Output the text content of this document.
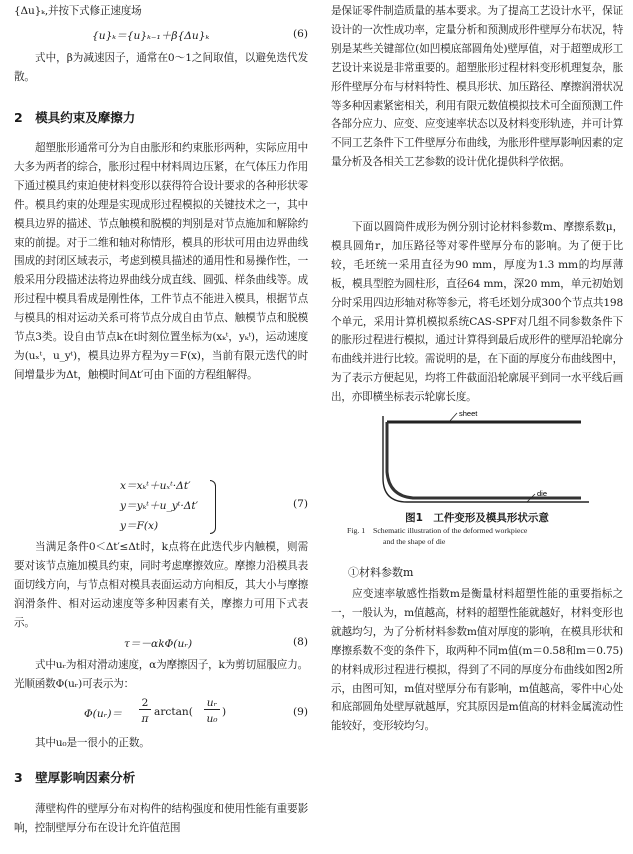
{Δu}ₖ,并按下式修正速度场
{u}ₖ＝{u}ₖ₋₁＋β{Δu}ₖ	(6)
式中，β为减速因子，通常在0～1之间取值，以避免迭代发散。
2　模具约束及摩擦力
超塑胀形通常可分为自由胀形和约束胀形两种，实际应用中大多为两者的综合，胀形过程中材料周边压紧，在气体压力作用下通过模具约束迫使材料变形以获得符合设计要求的各种形状零件。模具约束的处理是实现成形过程模拟的关键技术之一，其中模具边界的描述、节点触模和脱模的判别是对节点施加和解除约束的前提。对于二维和轴对称情形，模具的形状可用由边界曲线围成的封闭区域表示，考虑到模具描述的通用性和易操作性，一般采用分段描述法将边界曲线分成直线、圆弧、样条曲线等。成形过程中模具看成是刚性体，工件节点不能进入模具，根据节点与模具的相对运动关系可将节点分成自由节点、触模节点和脱模节点3类。设自由节点k在t时刻位置坐标为(xₖᵗ，yₖᵗ)，运动速度为(uₓᵗ，u_yᵗ)，模具边界方程为y＝F(x)，当前有限元迭代的时间增量步为Δt，触模时间Δt′可由下面的方程组解得。
x＝xₖᵗ＋uₓᵗ·Δt′
y＝yₖᵗ＋u_yᵗ·Δt′
y＝F(x)
(7)
当满足条件0＜Δt′≤Δt时，k点将在此迭代步内触模，则需要对该节点施加模具约束，同时考虑摩擦效应。摩擦力沿模具表面切线方向，与节点相对模具表面运动方向相反，其大小与摩擦润滑条件、相对运动速度等多种因素有关，摩擦力可用下式表示。
τ＝－αkΦ(uᵣ)	(8)
式中uᵣ为相对滑动速度，α为摩擦因子，k为剪切屈服应力。光顺函数Φ(uᵣ)可表示为：
Φ(uᵣ)＝
2
π
arctan(
uᵣ
u₀
)	(9)
其中u₀是一很小的正数。
3　壁厚影响因素分析
薄壁构件的壁厚分布对构件的结构强度和使用性能有重要影响，控制壁厚分布在设计允许值范围
是保证零件制造质量的基本要求。为了提高工艺设计水平，保证设计的一次性成功率，定量分析和预测成形件壁厚分布状况，特别是某些关键部位(如凹模底部圆角处)壁厚值，对于超塑成形工艺设计来说是非常重要的。超塑胀形过程材料变形机理复杂，胀形件壁厚分布与材料特性、模具形状、加压路径、摩擦润滑状况等多种因素紧密相关，利用有限元数值模拟技术可全面预测工件各部分应力、应变、应变速率状态以及材料变形轨迹，并可计算不同工艺条件下工件壁厚分布曲线，为胀形件壁厚影响因素的定量分析及各相关工艺参数的设计优化提供科学依据。
下面以圆筒件成形为例分别讨论材料参数m、摩擦系数μ，模具圆角r，加压路径等对零件壁厚分布的影响。为了便于比较，毛坯统一采用直径为90 mm，厚度为1.3 mm的均厚薄板，模具型腔为圆柱形，直径64 mm，深20 mm，单元初始划分时采用四边形轴对称等参元，将毛坯划分成300个节点共198个单元，采用计算机模拟系统CAS-SPF对几组不同参数条件下的胀形过程进行模拟，通过计算得到最后成形件的壁厚沿轮廓分布曲线并进行比较。需说明的是，在下面的厚度分布曲线图中，为了表示方便起见，均将工件截面沿轮廓展平到同一水平线后画出，亦即横坐标表示轮廓长度。
sheet
die
图1　工件变形及模具形状示意
Fig. 1　Schematic illustration of the deformed workpiece
and the shape of die
①材料参数m
应变速率敏感性指数m是衡量材料超塑性能的重要指标之一，一般认为，m值越高，材料的超塑性能就越好，材料变形也就越均匀，为了分析材料参数m值对厚度的影响，在模具形状和摩擦系数不变的条件下，取两种不同m值(m＝0.58和m＝0.75)的材料成形过程进行模拟，得到了不同的厚度分布曲线如图2所示，由图可知，m值对壁厚分布有影响，m值越高，零件中心处和底部圆角处壁厚就越厚，究其原因是m值高的材料金属流动性能较好，变形较均匀。
